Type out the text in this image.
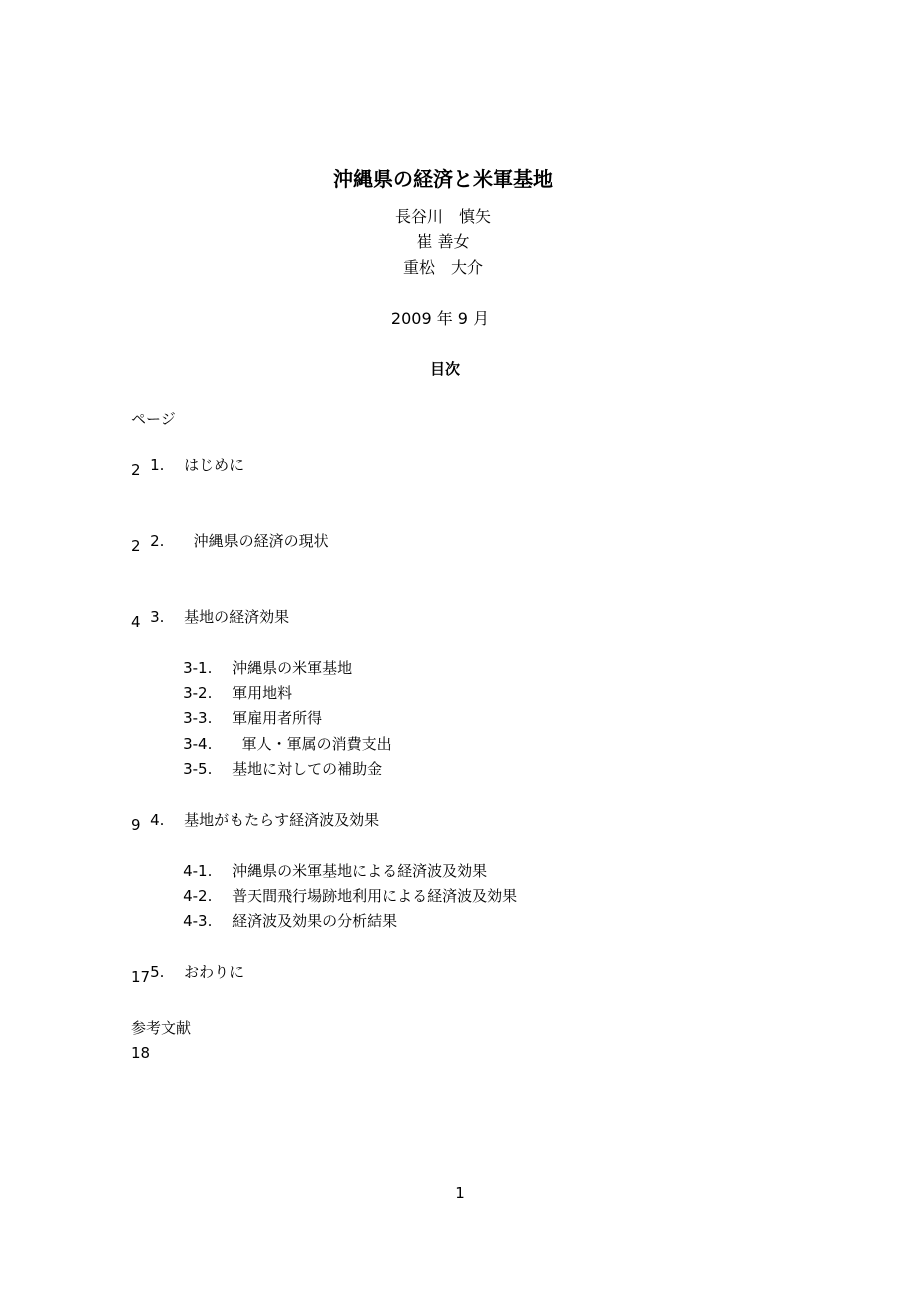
沖縄県の経済と米軍基地
長谷川　慎矢
崔 善女
重松　大介
2009 年 9 月
目次
ページ

1. はじめに

2

2.  沖縄県の経済の現状

2

3. 基地の経済効果

4

3-1. 沖縄県の米軍基地

3-2. 軍用地料

3-3. 軍雇用者所得

3-4.  軍人・軍属の消費支出

3-5. 基地に対しての補助金

4. 基地がもたらす経済波及効果

9

4-1. 沖縄県の米軍基地による経済波及効果

4-2. 普天間飛行場跡地利用による経済波及効果

4-3. 経済波及効果の分析結果

5. おわりに

17
参考文献
18
1
